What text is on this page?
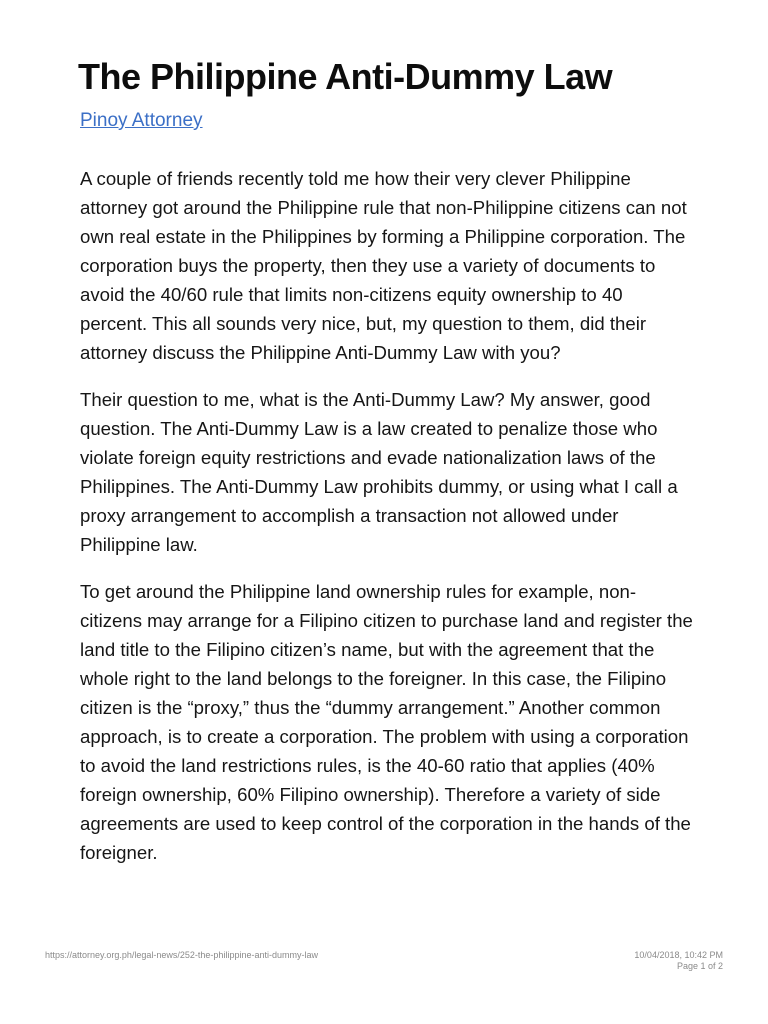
The Philippine Anti-Dummy Law
Pinoy Attorney

A couple of friends recently told me how their very clever Philippine attorney got around the Philippine rule that non-Philippine citizens can not own real estate in the Philippines by forming a Philippine corporation. The corporation buys the property, then they use a variety of documents to avoid the 40/60 rule that limits non-citizens equity ownership to 40 percent. This all sounds very nice, but, my question to them, did their attorney discuss the Philippine Anti-Dummy Law with you?

Their question to me, what is the Anti-Dummy Law? My answer, good question. The Anti-Dummy Law is a law created to penalize those who violate foreign equity restrictions and evade nationalization laws of the Philippines. The Anti-Dummy Law prohibits dummy, or using what I call a proxy arrangement to accomplish a transaction not allowed under Philippine law.

To get around the Philippine land ownership rules for example, non-citizens may arrange for a Filipino citizen to purchase land and register the land title to the Filipino citizen’s name, but with the agreement that the whole right to the land belongs to the foreigner. In this case, the Filipino citizen is the “proxy,” thus the “dummy arrangement.” Another common approach, is to create a corporation. The problem with using a corporation to avoid the land restrictions rules, is the 40-60 ratio that applies (40% foreign ownership, 60% Filipino ownership). Therefore a variety of side agreements are used to keep control of the corporation in the hands of the foreigner.

https://attorney.org.ph/legal-news/252-the-philippine-anti-dummy-law	10/04/2018, 10:42 PM
Page 1 of 2
